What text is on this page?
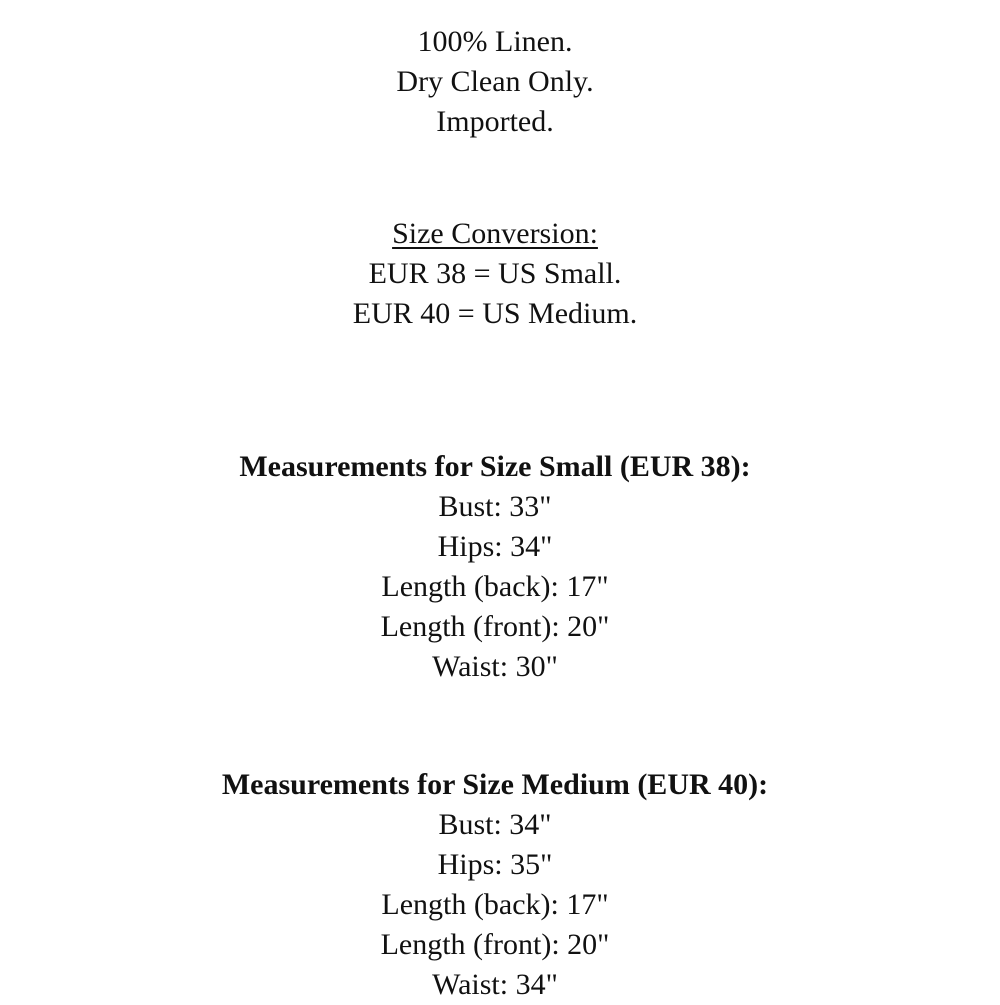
100% Linen.
Dry Clean Only.
Imported.
Size Conversion:
EUR 38 = US Small.
EUR 40 = US Medium.
Measurements for Size Small (EUR 38):
Bust: 33"
Hips: 34"
Length (back): 17"
Length (front): 20"
Waist: 30"
Measurements for Size Medium (EUR 40):
Bust: 34"
Hips: 35"
Length (back): 17"
Length (front): 20"
Waist: 34"
